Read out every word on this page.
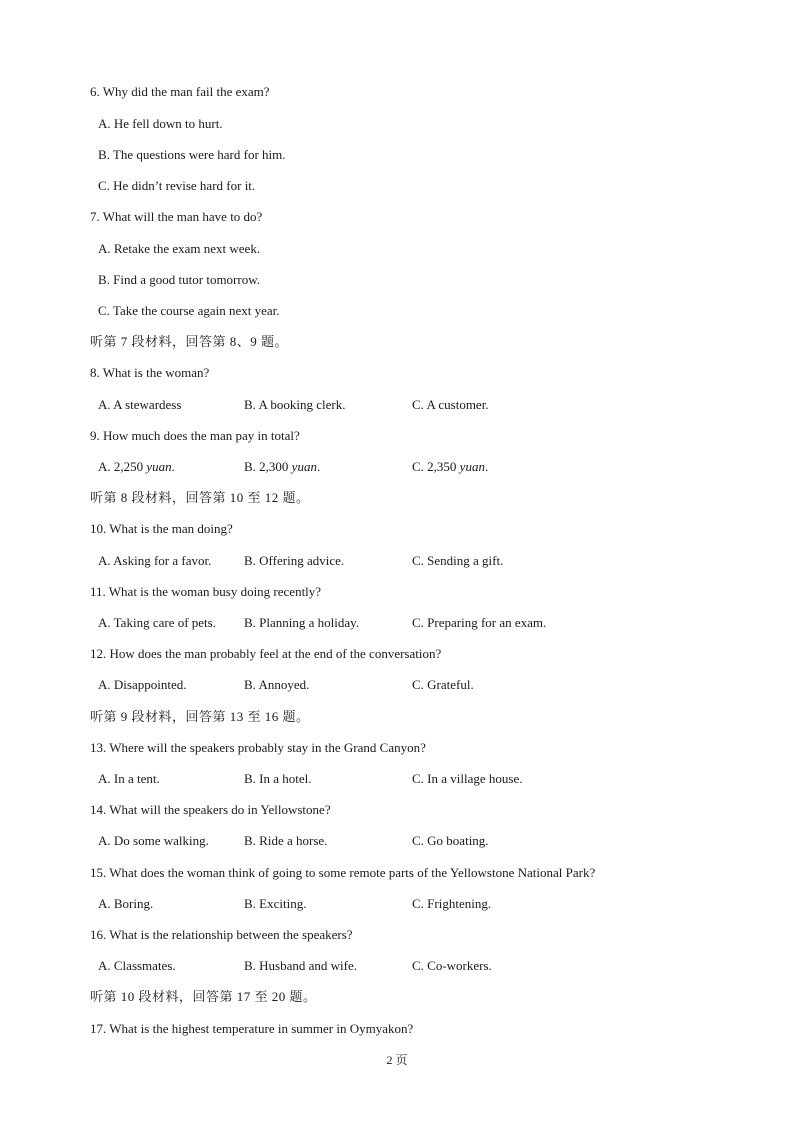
6. Why did the man fail the exam?
A. He fell down to hurt.
B. The questions were hard for him.
C. He didn’t revise hard for it.
7. What will the man have to do?
A. Retake the exam next week.
B. Find a good tutor tomorrow.
C. Take the course again next year.
听第 7 段材料，回答第 8、9 题。
8. What is the woman?
A. A stewardess	B. A booking clerk.	C. A customer.
9. How much does the man pay in total?
A. 2,250 yuan.	B. 2,300 yuan.	C. 2,350 yuan.
听第 8 段材料，回答第 10 至 12 题。
10. What is the man doing?
A. Asking for a favor.	B. Offering advice.	C. Sending a gift.
11. What is the woman busy doing recently?
A. Taking care of pets. B. Planning a holiday.	C. Preparing for an exam.
12. How does the man probably feel at the end of the conversation?
A. Disappointed.	B. Annoyed.	C. Grateful.
听第 9 段材料，回答第 13 至 16 题。
13. Where will the speakers probably stay in the Grand Canyon?
A. In a tent.	B. In a hotel.	C. In a village house.
14. What will the speakers do in Yellowstone?
A. Do some walking.	B. Ride a horse.	C. Go boating.
15. What does the woman think of going to some remote parts of the Yellowstone National Park?
A. Boring.	B. Exciting.	C. Frightening.
16. What is the relationship between the speakers?
A. Classmates.	B. Husband and wife.	C. Co-workers.
听第 10 段材料，回答第 17 至 20 题。
17. What is the highest temperature in summer in Oymyakon?
2 页
